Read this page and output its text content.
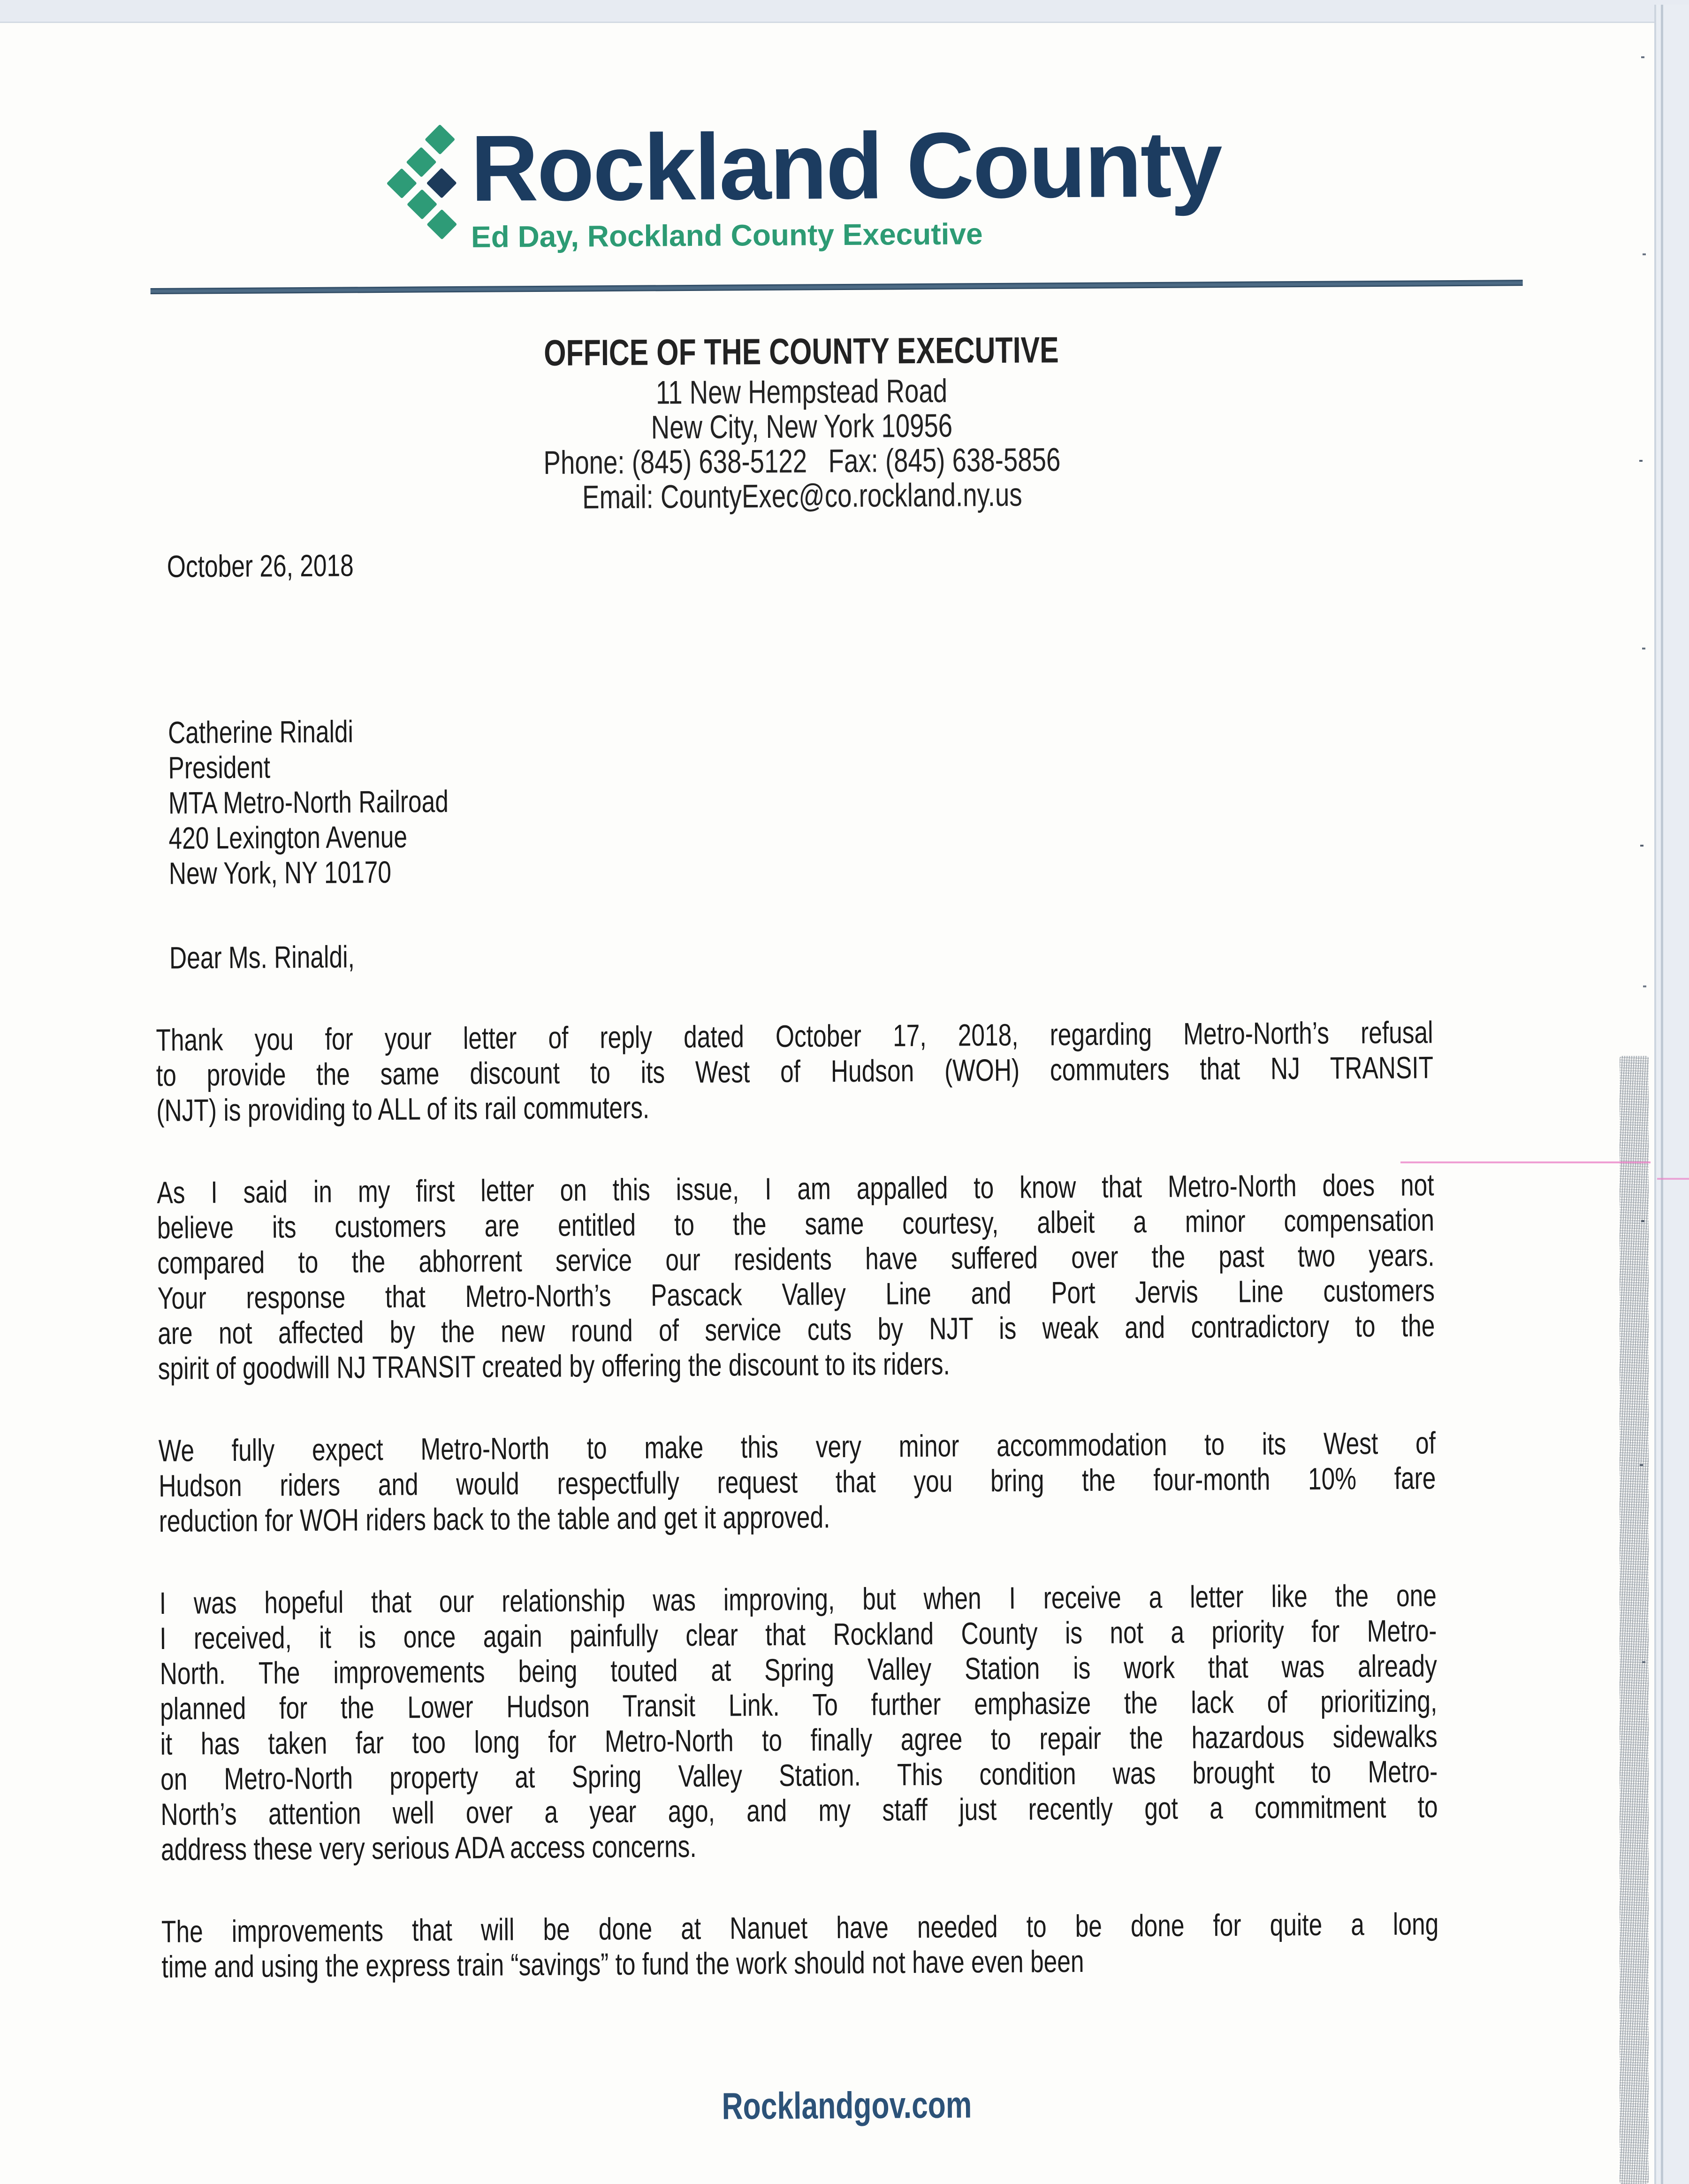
Rockland County
Ed Day, Rockland County Executive
OFFICE OF THE COUNTY EXECUTIVE
11 New Hempstead Road
New City, New York 10956
Phone: (845) 638-5122   Fax: (845) 638-5856
Email: CountyExec@co.rockland.ny.us
October 26, 2018
Catherine Rinaldi
President
MTA Metro-North Railroad
420 Lexington Avenue
New York, NY 10170
Dear Ms. Rinaldi,
Thank you for your letter of reply dated October 17, 2018, regarding Metro-North’s refusal
to provide the same discount to its West of Hudson (WOH) commuters that NJ TRANSIT
(NJT) is providing to ALL of its rail commuters.
As I said in my first letter on this issue, I am appalled to know that Metro-North does not
believe its customers are entitled to the same courtesy, albeit a minor compensation
compared to the abhorrent service our residents have suffered over the past two years.
Your response that Metro-North’s Pascack Valley Line and Port Jervis Line customers
are not affected by the new round of service cuts by NJT is weak and contradictory to the
spirit of goodwill NJ TRANSIT created by offering the discount to its riders.
We fully expect Metro-North to make this very minor accommodation to its West of
Hudson riders and would respectfully request that you bring the four-month 10% fare
reduction for WOH riders back to the table and get it approved.
I was hopeful that our relationship was improving, but when I receive a letter like the one
I received, it is once again painfully clear that Rockland County is not a priority for Metro-
North. The improvements being touted at Spring Valley Station is work that was already
planned for the Lower Hudson Transit Link. To further emphasize the lack of prioritizing,
it has taken far too long for Metro-North to finally agree to repair the hazardous sidewalks
on Metro-North property at Spring Valley Station. This condition was brought to Metro-
North’s attention well over a year ago, and my staff just recently got a commitment to
address these very serious ADA access concerns.
The improvements that will be done at Nanuet have needed to be done for quite a long
time and using the express train “savings” to fund the work should not have even been
Rocklandgov.com
